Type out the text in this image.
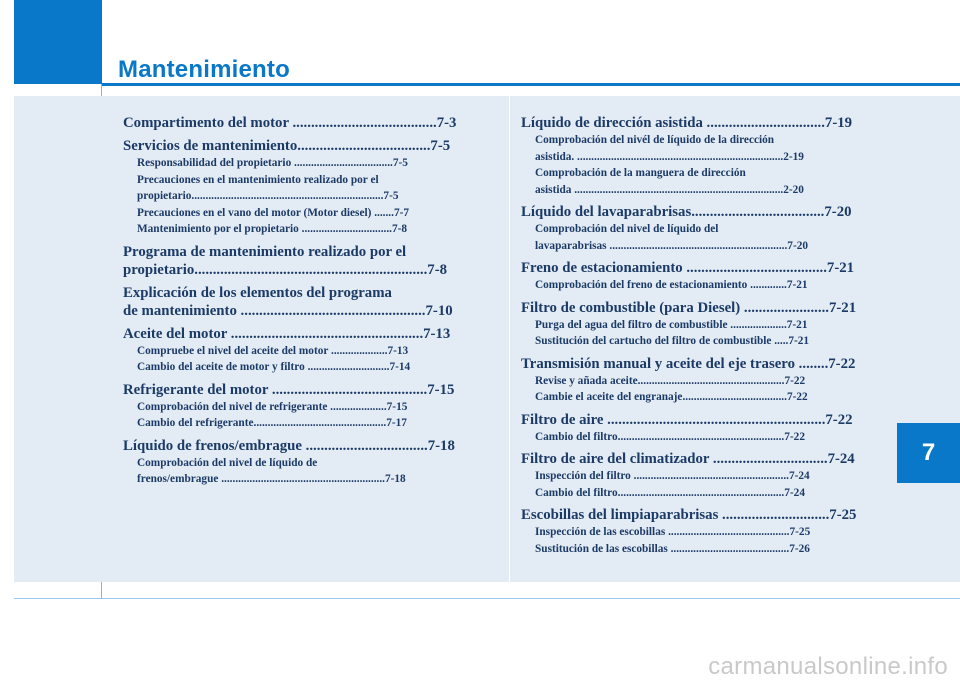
Mantenimiento
7
Compartimento del motor .......................................7-3
Servicios de mantenimiento....................................7-5
Responsabilidad del propietario ...................................7-5
Precauciones en el mantenimiento realizado por el
propietario....................................................................7-5
Precauciones en el vano del motor (Motor diesel) .......7-7
Mantenimiento por el propietario ................................7-8
Programa de mantenimiento realizado por el
propietario...............................................................7-8
Explicación de los elementos del programa
de mantenimiento ..................................................7-10
Aceite del motor ....................................................7-13
Compruebe el nivel del aceite del motor ....................7-13
Cambio del aceite de motor y filtro .............................7-14
Refrigerante del motor ..........................................7-15
Comprobación del nivel de refrigerante ....................7-15
Cambio del refrigerante...............................................7-17
Líquido de frenos/embrague .................................7-18
Comprobación del nivel de líquido de
frenos/embrague ..........................................................7-18
Líquido de dirección asistida ................................7-19
Comprobación del nivél de líquido de la dirección
asistida. .........................................................................2-19
Comprobación de la manguera de dirección
asistida ..........................................................................2-20
Líquido del lavaparabrisas....................................7-20
Comprobación del nivel de líquido del
lavaparabrisas ...............................................................7-20
Freno de estacionamiento ......................................7-21
Comprobación del freno de estacionamiento .............7-21
Filtro de combustible (para Diesel) .......................7-21
Purga del agua del filtro de combustible ....................7-21
Sustitución del cartucho del filtro de combustible .....7-21
Transmisión manual y aceite del eje trasero ........7-22
Revise y añada aceite....................................................7-22
Cambie el aceite del engranaje.....................................7-22
Filtro de aire ...........................................................7-22
Cambio del filtro...........................................................7-22
Filtro de aire del climatizador ...............................7-24
Inspección del filtro .......................................................7-24
Cambio del filtro...........................................................7-24
Escobillas del limpiaparabrisas .............................7-25
Inspección de las escobillas ...........................................7-25
Sustitución de las escobillas ..........................................7-26
carmanualsonline.info
